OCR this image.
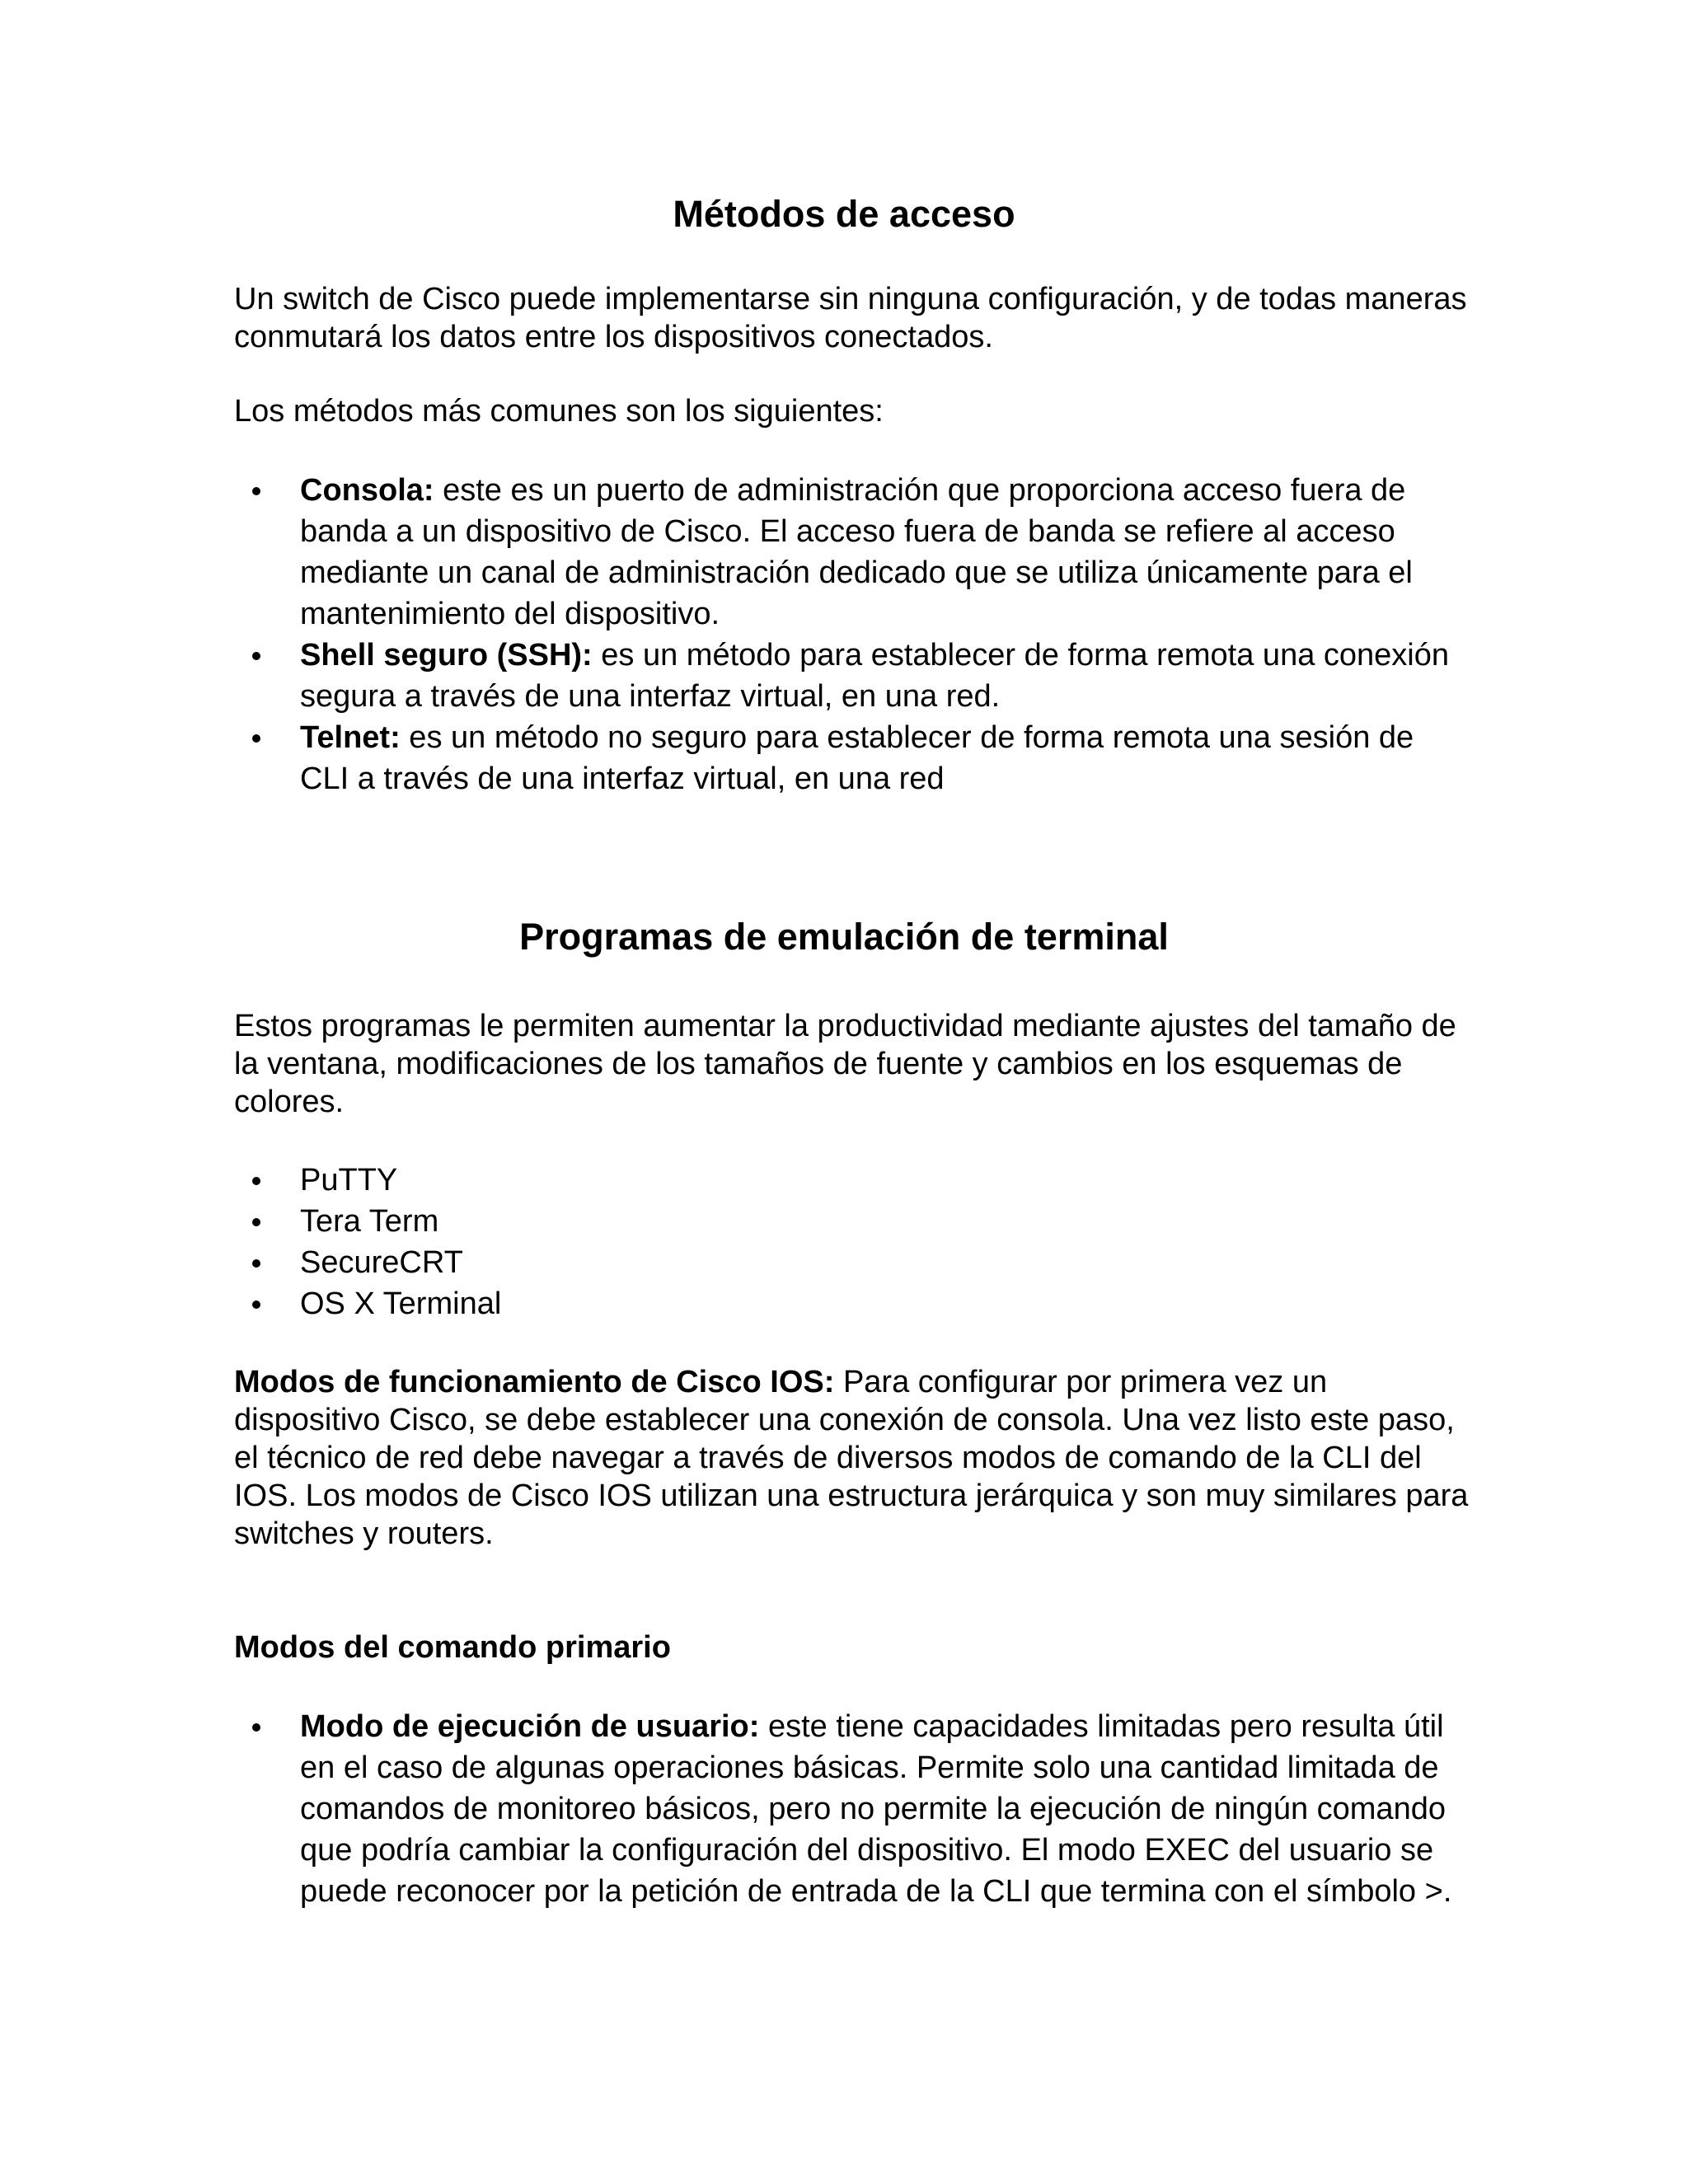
Métodos de acceso

Un switch de Cisco puede implementarse sin ninguna configuración, y de todas maneras conmutará los datos entre los dispositivos conectados.

Los métodos más comunes son los siguientes:

Consola: este es un puerto de administración que proporciona acceso fuera de banda a un dispositivo de Cisco. El acceso fuera de banda se refiere al acceso mediante un canal de administración dedicado que se utiliza únicamente para el mantenimiento del dispositivo.
Shell seguro (SSH): es un método para establecer de forma remota una conexión segura a través de una interfaz virtual, en una red.
Telnet: es un método no seguro para establecer de forma remota una sesión de CLI a través de una interfaz virtual, en una red
Programas de emulación de terminal

Estos programas le permiten aumentar la productividad mediante ajustes del tamaño de la ventana, modificaciones de los tamaños de fuente y cambios en los esquemas de colores.

PuTTY
Tera Term
SecureCRT
OS X Terminal

Modos de funcionamiento de Cisco IOS: Para configurar por primera vez un dispositivo Cisco, se debe establecer una conexión de consola. Una vez listo este paso, el técnico de red debe navegar a través de diversos modos de comando de la CLI del IOS. Los modos de Cisco IOS utilizan una estructura jerárquica y son muy similares para switches y routers.

Modos del comando primario
Modo de ejecución de usuario: este tiene capacidades limitadas pero resulta útil en el caso de algunas operaciones básicas. Permite solo una cantidad limitada de comandos de monitoreo básicos, pero no permite la ejecución de ningún comando que podría cambiar la configuración del dispositivo. El modo EXEC del usuario se puede reconocer por la petición de entrada de la CLI que termina con el símbolo >.
